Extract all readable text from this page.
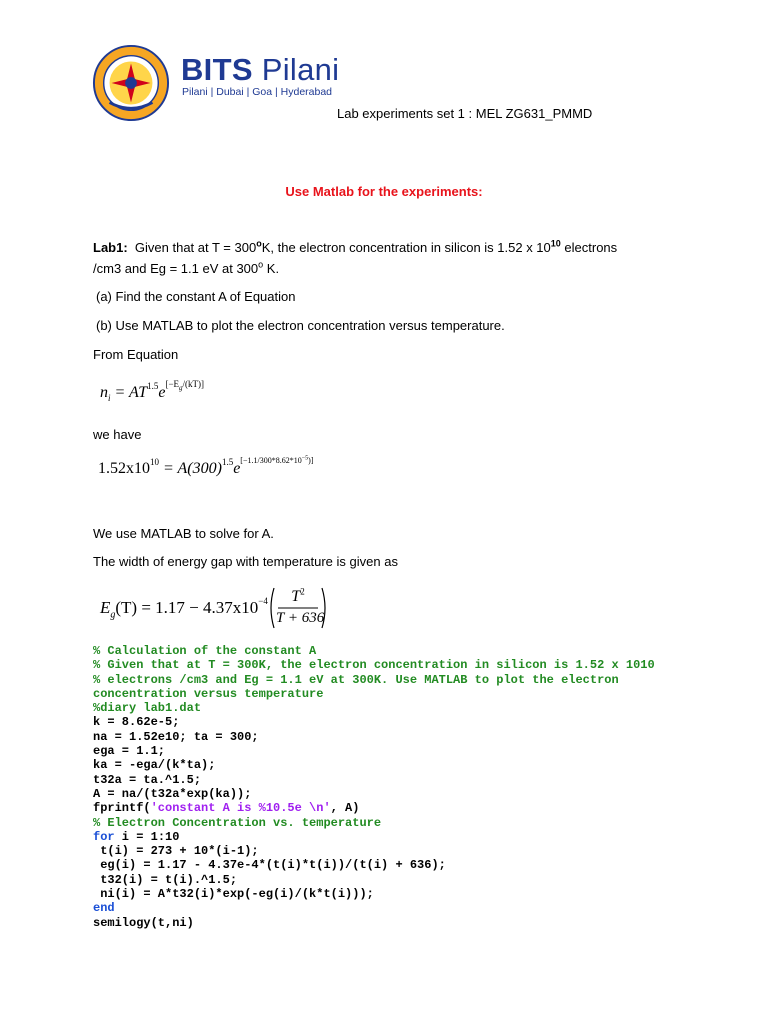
BITS Pilani
Pilani | Dubai | Goa | Hyderabad
Lab experiments set 1 : MEL ZG631_PMMD
Use Matlab for the experiments:
Lab1: Given that at $T = 300^oK$, the electron concentration in silicon is 1.52 x $10^{10}$ electrons
/cm3 and Eg = 1.1 eV at 300$^o$ K.
(a) Find the constant A of Equation
(b) Use MATLAB to plot the electron concentration versus temperature.
From Equation
$n_i = AT^{1.5}e[-Eg/(kT)]$
we have
$1.52x10^{10} = A(300)^{1.5}e[-1.1/300*8.62*10-5)]$
We use MATLAB to solve for A.
The width of energy gap with temperature is given as
$E_g(T) = 1.17 - 4.37x10^{-4}$	$T^2$
T + 636
% Calculation of the constant A
% Given that at T = 300K, the electron concentration in silicon is 1.52 x 1010
% electrons /cm3 and Eg = 1.1 eV at 300K. Use MATLAB to plot the electron
concentration versus temperature
%diary lab1.dat
k = 8.62e-5;
na = 1.52e10; ta = 300;
ega = 1.1;
ka = -ega/(k*ta);
t32a = ta.^1.5;
A = na/(t32a*exp(ka));
fprintf('constant A is %10.5e \n', A)
% Electron Concentration vs. temperature
for i = 1:10
t(i) = 273 + 10*(i-1);
eg(i) = 1.17 - 4.37e-4*(t(i)*t(i))/(t(i) + 636);
t32(i) = t(i).^1.5;
ni(i) = A*t32(i)*exp(-eg(i)/(k*t(i)));
end
semilogy(t,ni)
